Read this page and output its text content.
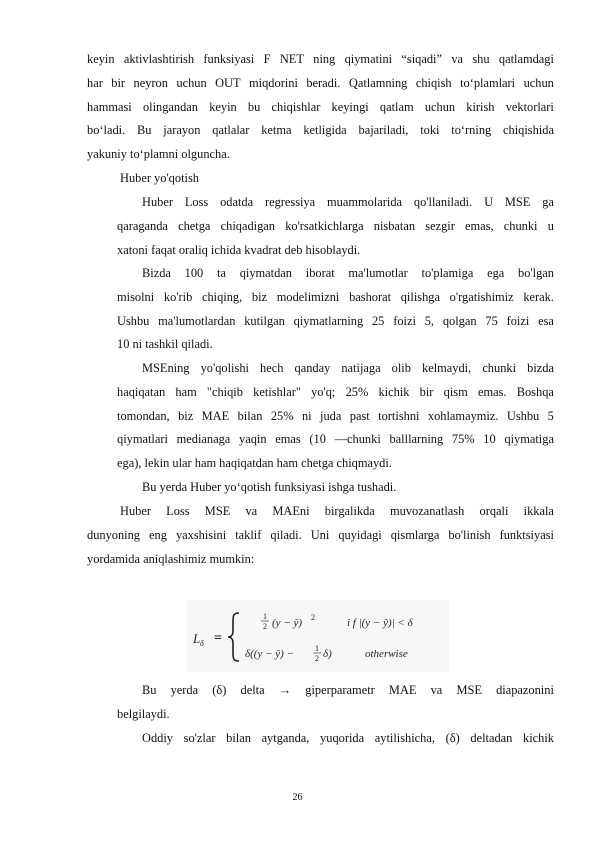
keyin aktivlashtirish funksiyasi F NET ning qiymatini “siqadi” va shu qatlamdagi
har bir neyron uchun OUT miqdorini beradi. Qatlamning chiqish to‘plamlari uchun
hammasi olingandan keyin bu chiqishlar keyingi qatlam uchun kirish vektorlari
bo‘ladi. Bu jarayon qatlalar ketma ketligida bajariladi, toki to‘rning chiqishida
yakuniy to‘plamni olguncha.
Huber yo'qotish
Huber Loss odatda regressiya muammolarida qo'llaniladi. U MSE ga
qaraganda chetga chiqadigan ko'rsatkichlarga nisbatan sezgir emas, chunki u
xatoni faqat oraliq ichida kvadrat deb hisoblaydi.
Bizda 100 ta qiymatdan iborat ma'lumotlar to'plamiga ega bo'lgan
misolni ko'rib chiqing, biz modelimizni bashorat qilishga o'rgatishimiz kerak.
Ushbu ma'lumotlardan kutilgan qiymatlarning 25 foizi 5, qolgan 75 foizi esa
10 ni tashkil qiladi.
MSEning yo'qolishi hech qanday natijaga olib kelmaydi, chunki bizda
haqiqatan ham "chiqib ketishlar" yo'q; 25% kichik bir qism emas. Boshqa
tomondan, biz MAE bilan 25% ni juda past tortishni xohlamaymiz. Ushbu 5
qiymatlari medianaga yaqin emas (10 —chunki balllarning 75% 10 qiymatiga
ega), lekin ular ham haqiqatdan ham chetga chiqmaydi.
Bu yerda Huber yo‘qotish funksiyasi ishga tushadi.
Huber Loss MSE va MAEni birgalikda muvozanatlash orqali ikkala
dunyoning eng yaxshisini taklif qiladi. Uni quyidagi qismlarga bo'linish funktsiyasi
yordamida aniqlashimiz mumkin:
L δ =
1
2 (y − ŷ) 2	i f |(y − ŷ)| < δ
δ((y − ŷ) −	1
2 δ)	otherwise
Bu yerda (δ) delta → giperparametr MAE va MSE diapazonini
belgilaydi.
Oddiy so'zlar bilan aytganda, yuqorida aytilishicha, (δ) deltadan kichik
26
